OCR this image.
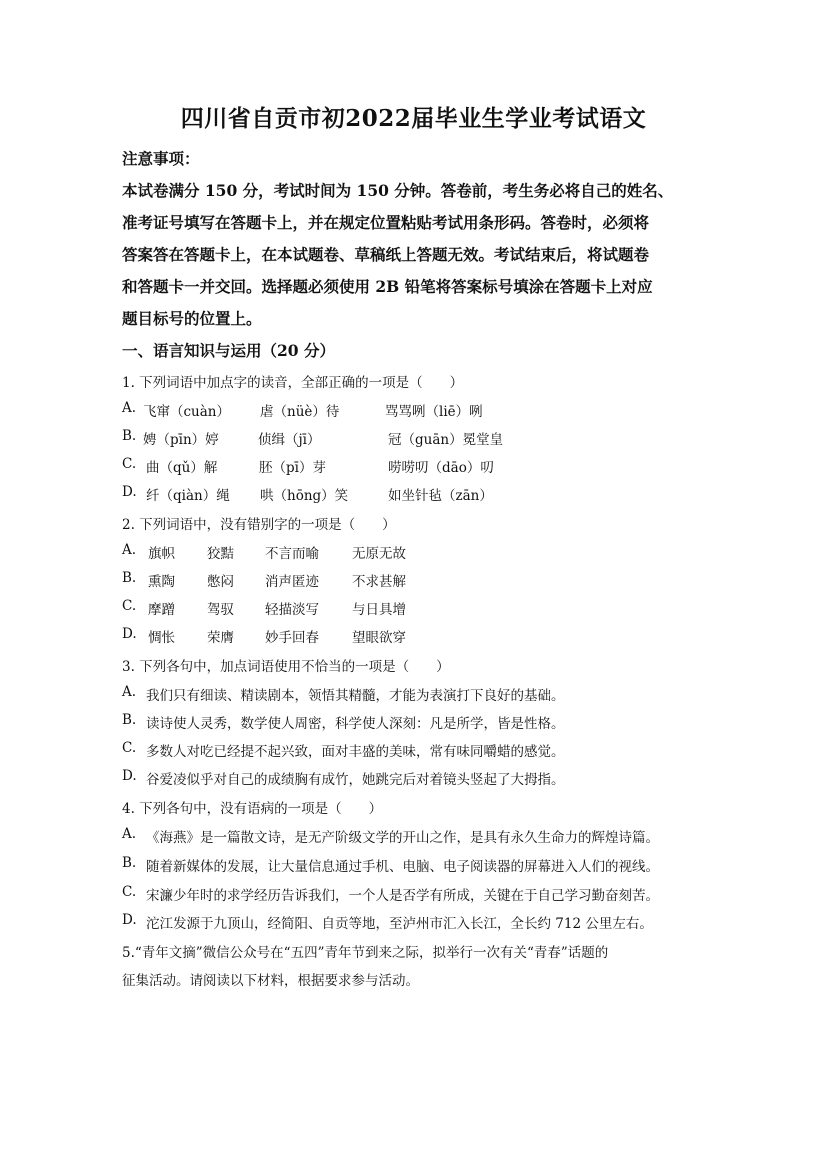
四川省自贡市初2022届毕业生学业考试语文
注意事项：
本试卷满分 150 分，考试时间为 150 分钟。答卷前，考生务必将自己的姓名、
准考证号填写在答题卡上，并在规定位置粘贴考试用条形码。答卷时，必须将
答案答在答题卡上，在本试题卷、草稿纸上答题无效。考试结束后，将试题卷
和答题卡一并交回。选择题必须使用 2B 铅笔将答案标号填涂在答题卡上对应
题目标号的位置上。
一、语言知识与运用（20 分）
1. 下列词语中加点字的读音，全部正确的一项是（　　）
A. 飞窜（cuàn） 虐（nüè）待	骂骂咧（liē）咧
B. 娉（pīn）婷	侦缉（jī）	冠（guān）冕堂皇
C. 曲（qǔ）解	胚（pī）芽	唠唠叨（dāo）叨
D. 纤（qiàn）绳 哄（hōng）笑	如坐针毡（zān）
2. 下列词语中，没有错别字的一项是（　　）
A. 旗帜 狡黠 不言而喻 无原无故
B. 熏陶 憋闷 消声匿迹 不求甚解
C. 摩蹭 驾驭 轻描淡写 与日具增
D. 惆怅 荣膺 妙手回春 望眼欲穿
3. 下列各句中，加点词语使用不恰当的一项是（　　）
A. 我们只有细读、精读剧本，领悟其精髓，才能为表演打下良好的基础。
B. 读诗使人灵秀，数学使人周密，科学使人深刻：凡是所学，皆是性格。
C. 多数人对吃已经提不起兴致，面对丰盛的美味，常有味同嚼蜡的感觉。
D. 谷爱凌似乎对自己的成绩胸有成竹，她跳完后对着镜头竖起了大拇指。
4. 下列各句中，没有语病的一项是（　　）
A. 《海燕》是一篇散文诗，是无产阶级文学的开山之作，是具有永久生命力的辉煌诗篇。
B. 随着新媒体的发展，让大量信息通过手机、电脑、电子阅读器的屏幕进入人们的视线。
C. 宋濂少年时的求学经历告诉我们，一个人是否学有所成，关键在于自己学习勤奋刻苦。
D. 沱江发源于九顶山，经简阳、自贡等地，至泸州市汇入长江，全长约 712 公里左右。
5.“青年文摘”微信公众号在“五四”青年节到来之际，拟举行一次有关“青春”话题的
征集活动。请阅读以下材料，根据要求参与活动。
